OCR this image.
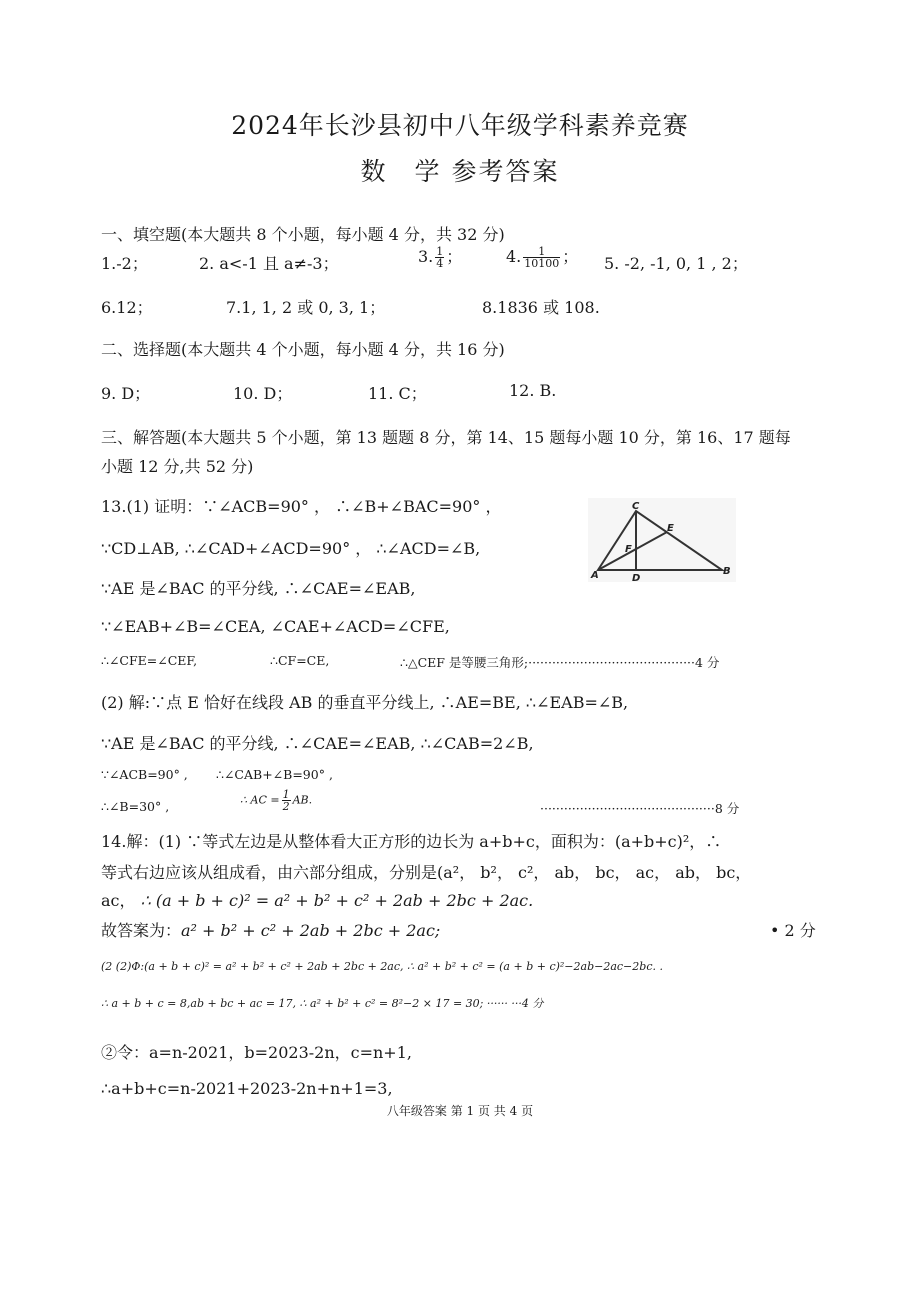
2024年长沙县初中八年级学科素养竞赛
数　学 参考答案
一、填空题(本大题共 8 个小题，每小题 4 分，共 32 分)
1.-2；	2. a<-1 且 a≠-3；	3. $\frac{1}{4}$ ；	4. $\frac{1}{10100}$ ； 5. -2, -1, 0, 1 , 2；
6.12；	7.1, 1, 2 或 0, 3, 1；	8.1836 或 108.
二、选择题(本大题共 4 个小题，每小题 4 分，共 16 分)
9. D；	10. D；	11. C；	12. B.
三、解答题(本大题共 5 个小题，第 13 题题 8 分，第 14、15 题每小题 10 分，第 16、17 题每
小题 12 分,共 52 分)
13.(1) 证明：∵∠ACB=90° ， ∴∠B+∠BAC=90° ，
∵CD⊥AB, ∴∠CAD+∠ACD=90° ， ∴∠ACD=∠B,
∵AE 是∠BAC 的平分线, ∴∠CAE=∠EAB,
∵∠EAB+∠B=∠CEA, ∠CAE+∠ACD=∠CFE,
∴∠CFE=∠CEF,	∴CF=CE,	∴△CEF 是等腰三角形;··········································4 分
(2) 解:∵点 E 恰好在线段 AB 的垂直平分线上, ∴AE=BE, ∴∠EAB=∠B,
∵AE 是∠BAC 的平分线, ∴∠CAE=∠EAB, ∴∠CAB=2∠B,
∵∠ACB=90° , ∴∠CAB+∠B=90° ,
∴∠B=30° ,	∴ AC = $\frac{1}{2}$ AB.
············································8 分
C
E
F
A	D
B
14.解：(1) ∵等式左边是从整体看大正方形的边长为 a+b+c，面积为：(a+b+c)²，∴
等式右边应该从组成看，由六部分组成，分别是(a²， b²， c²， ab， bc， ac， ab， bc，
ac， ∴ (a + b + c)² = a² + b² + c² + 2ab + 2bc + 2ac.
故答案为：a² + b² + c² + 2ab + 2bc + 2ac;	• 2 分
(2 (2)Φ:(a + b + c)² = a² + b² + c² + 2ab + 2bc + 2ac, ∴ a² + b² + c² = (a + b + c)²−2ab−2ac−2bc. .
∴ a + b + c = 8,ab + bc + ac = 17, ∴ a² + b² + c² = 8²−2 × 17 = 30; ······ ···4 分
②令：a=n-2021，b=2023-2n，c=n+1,
∴a+b+c=n-2021+2023-2n+n+1=3,
八年级答案 第 1 页 共 4 页
